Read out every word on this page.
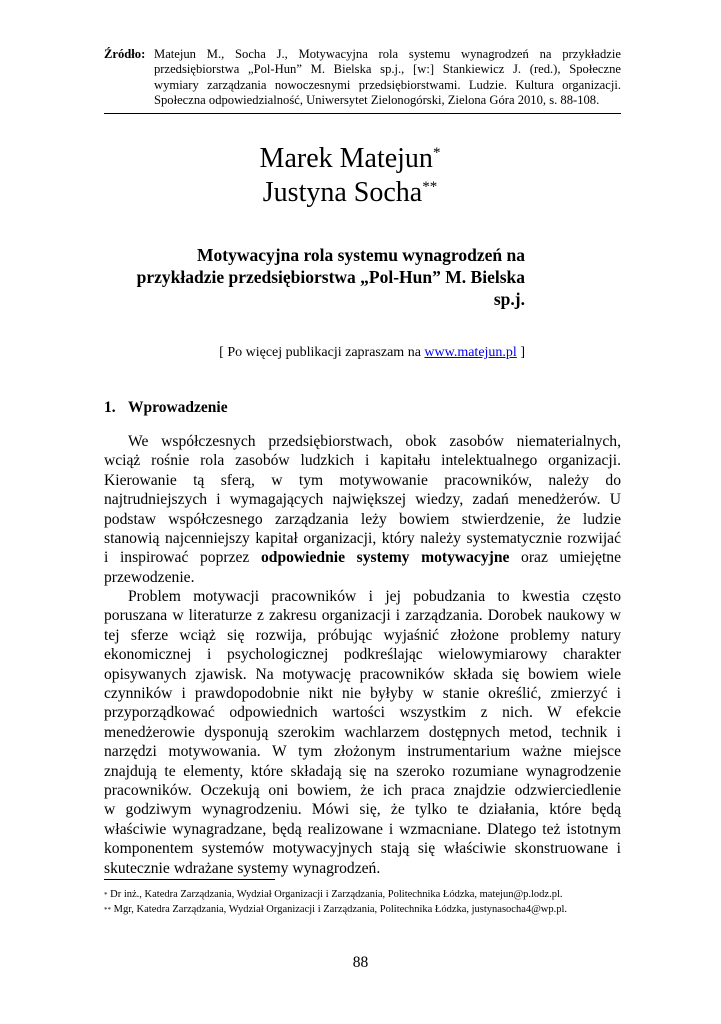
Źródło: Matejun M., Socha J., Motywacyjna rola systemu wynagrodzeń na przykładzie
przedsiębiorstwa „Pol-Hun” M. Bielska sp.j., [w:] Stankiewicz J. (red.), Społeczne
wymiary zarządzania nowoczesnymi przedsiębiorstwami. Ludzie. Kultura organizacji.
Społeczna odpowiedzialność, Uniwersytet Zielonogórski, Zielona Góra 2010, s. 88-108.
Marek Matejun*
Justyna Socha**
Motywacyjna rola systemu wynagrodzeń na
przykładzie przedsiębiorstwa „Pol-Hun” M. Bielska
sp.j.
[ Po więcej publikacji zapraszam na www.matejun.pl ]
1. Wprowadzenie
We współczesnych przedsiębiorstwach, obok zasobów niematerialnych,
wciąż rośnie rola zasobów ludzkich i kapitału intelektualnego organizacji.
Kierowanie tą sferą, w tym motywowanie pracowników, należy do
najtrudniejszych i wymagających największej wiedzy, zadań menedżerów. U
podstaw współczesnego zarządzania leży bowiem stwierdzenie, że ludzie
stanowią najcenniejszy kapitał organizacji, który należy systematycznie rozwijać
i inspirować poprzez odpowiednie systemy motywacyjne oraz umiejętne
przewodzenie.
Problem motywacji pracowników i jej pobudzania to kwestia często
poruszana w literaturze z zakresu organizacji i zarządzania. Dorobek naukowy w
tej sferze wciąż się rozwija, próbując wyjaśnić złożone problemy natury
ekonomicznej i psychologicznej podkreślając wielowymiarowy charakter
opisywanych zjawisk. Na motywację pracowników składa się bowiem wiele
czynników i prawdopodobnie nikt nie byłyby w stanie określić, zmierzyć i
przyporządkować odpowiednich wartości wszystkim z nich. W efekcie
menedżerowie dysponują szerokim wachlarzem dostępnych metod, technik i
narzędzi motywowania. W tym złożonym instrumentarium ważne miejsce
znajdują te elementy, które składają się na szeroko rozumiane wynagrodzenie
pracowników. Oczekują oni bowiem, że ich praca znajdzie odzwierciedlenie
w godziwym wynagrodzeniu. Mówi się, że tylko te działania, które będą
właściwie wynagradzane, będą realizowane i wzmacniane. Dlatego też istotnym
komponentem systemów motywacyjnych stają się właściwie skonstruowane i
skutecznie wdrażane systemy wynagrodzeń.
* Dr inż., Katedra Zarządzania, Wydział Organizacji i Zarządzania, Politechnika Łódzka, matejun@p.lodz.pl.
** Mgr, Katedra Zarządzania, Wydział Organizacji i Zarządzania, Politechnika Łódzka, justynasocha4@wp.pl.
88
